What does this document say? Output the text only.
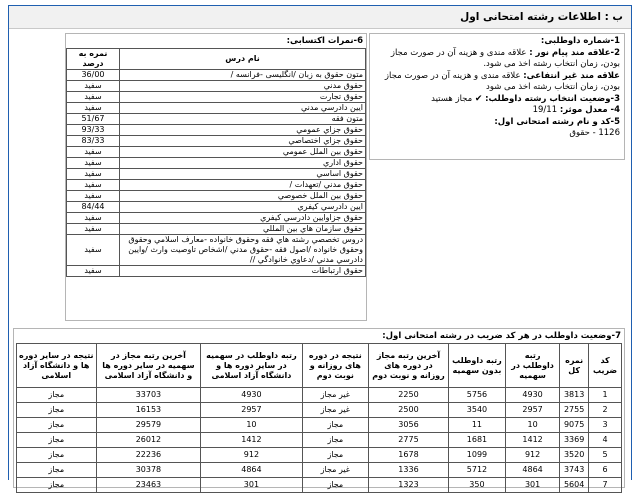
ب : اطلاعات رشته امتحانی اول

1-شماره داوطلبی:

2-علاقه مند پیام نور : علاقه مندی و هزینه آن در صورت مجاز بودن، زمان انتخاب رشته اخذ می شود.

علاقه مند غیر انتفاعی: علاقه مندی و هزینه آن در صورت مجاز بودن، زمان انتخاب رشته اخذ می شود

3-وضعیت انتخاب رشته داوطلب: ✔ مجاز هستید

4- معدل موثر: 19/11

5-کد و نام رشته امتحانی اول:

1126 - حقوق

6-نمرات اکتسابی:
نام درس	نمره به درصد
متون حقوق به زبان /انگلیسی -فرانسه /	36/00
حقوق مدني	سفيد
حقوق تجارت	سفيد
ايين دادرسي مدني	سفيد
متون فقه	51/67
حقوق جزاي عمومي	93/33
حقوق جزاي اختصاصي	83/33
حقوق بين الملل عمومي	سفيد
حقوق اداري	سفيد
حقوق اساسي	سفيد
حقوق مدني /تعهدات /	سفيد
حقوق بين الملل خصوصي	سفيد
ايين دادرسي کيفري	84/44
حقوق جزاوايين دادرسي کيفري	سفيد
حقوق سازمان هاي بين المللي	سفيد
دروس تخصصي رشته هاي فقه وحقوق خانواده -معارف اسلامي وحقوق وحقوق خانواده /اصول فقه -حقوق مدني /اشخاص تاوصيت وارث /وايين دادرسي مدني /دعاوي خانوادگي //	سفيد
حقوق ارتباطات	سفيد
7-وضعیت داوطلب در هر کد ضریب در رشته امتحانی اول:
کد ضریب	نمره کل	رتبه داوطلب در سهمیه	رتبه داوطلب بدون سهمیه	آخرین رتبه مجاز در دوره های روزانه و نوبت دوم	نتیجه در دوره های روزانه و نوبت دوم	رتبه داوطلب در سهمیه در سایر دوره ها و دانشگاه آزاد اسلامی	آخرین رتبه مجاز در سهمیه در سایر دوره ها و دانشگاه آزاد اسلامی	نتیجه در سایر دوره ها و دانشگاه آزاد اسلامی
1	3813	4930	5756	2250	غیر مجاز	4930	33703	مجاز
2	2755	2957	3540	2500	غیر مجاز	2957	16153	مجاز
3	9075	10	11	3056	مجاز	10	29579	مجاز
4	3369	1412	1681	2775	مجاز	1412	26012	مجاز
5	3520	912	1099	1678	مجاز	912	22236	مجاز
6	3743	4864	5712	1336	غیر مجاز	4864	30378	مجاز
7	5604	301	350	1323	مجاز	301	23463	مجاز
